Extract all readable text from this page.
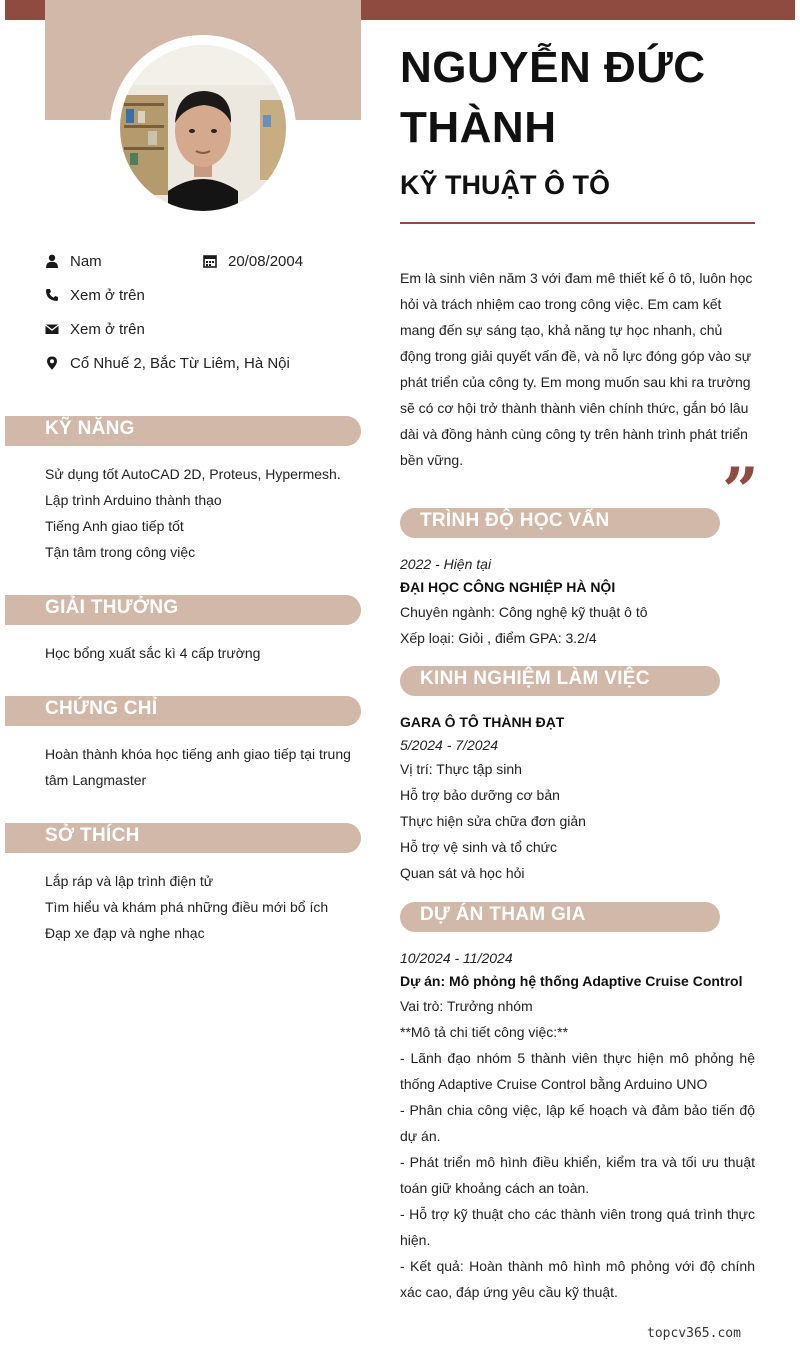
NGUYỄN ĐỨC THÀNH
KỸ THUẬT Ô TÔ
Nam	20/08/2004
Xem ở trên
Xem ở trên
Cổ Nhuế 2, Bắc Từ Liêm, Hà Nội
KỸ NĂNG
Sử dụng tốt AutoCAD 2D, Proteus, Hypermesh.
Lập trình Arduino thành thạo
Tiếng Anh giao tiếp tốt
Tận tâm trong công việc
GIẢI THƯỞNG
Học bổng xuất sắc kì 4 cấp trường
CHỨNG CHỈ
Hoàn thành khóa học tiếng anh giao tiếp tại trung
tâm Langmaster
SỞ THÍCH
Lắp ráp và lập trình điện tử
Tìm hiểu và khám phá những điều mới bổ ích
Đạp xe đạp và nghe nhạc
Em là sinh viên năm 3 với đam mê thiết kế ô tô, luôn học hỏi và trách nhiệm cao trong công việc. Em cam kết mang đến sự sáng tạo, khả năng tự học nhanh, chủ động trong giải quyết vấn đề, và nỗ lực đóng góp vào sự phát triển của công ty. Em mong muốn sau khi ra trường sẽ có cơ hội trở thành thành viên chính thức, gắn bó lâu dài và đồng hành cùng công ty trên hành trình phát triển bền vững.	”
TRÌNH ĐỘ HỌC VẤN
2022 - Hiện tại
ĐẠI HỌC CÔNG NGHIỆP HÀ NỘI
Chuyên ngành: Công nghệ kỹ thuật ô tô
Xếp loại: Giỏi , điểm GPA: 3.2/4
KINH NGHIỆM LÀM VIỆC
GARA Ô TÔ THÀNH ĐẠT
5/2024 - 7/2024
Vị trí: Thực tập sinh
Hỗ trợ bảo dưỡng cơ bản
Thực hiện sửa chữa đơn giản
Hỗ trợ vệ sinh và tổ chức
Quan sát và học hỏi
DỰ ÁN THAM GIA
10/2024 - 11/2024
Dự án: Mô phỏng hệ thống Adaptive Cruise Control
Vai trò: Trưởng nhóm
**Mô tả chi tiết công việc:**
- Lãnh đạo nhóm 5 thành viên thực hiện mô phỏng hệ thống Adaptive Cruise Control bằng Arduino UNO
- Phân chia công việc, lập kế hoạch và đảm bảo tiến độ dự án.
- Phát triển mô hình điều khiển, kiểm tra và tối ưu thuật toán giữ khoảng cách an toàn.
- Hỗ trợ kỹ thuật cho các thành viên trong quá trình thực hiện.
- Kết quả: Hoàn thành mô hình mô phỏng với độ chính xác cao, đáp ứng yêu cầu kỹ thuật.
topcv365.com
